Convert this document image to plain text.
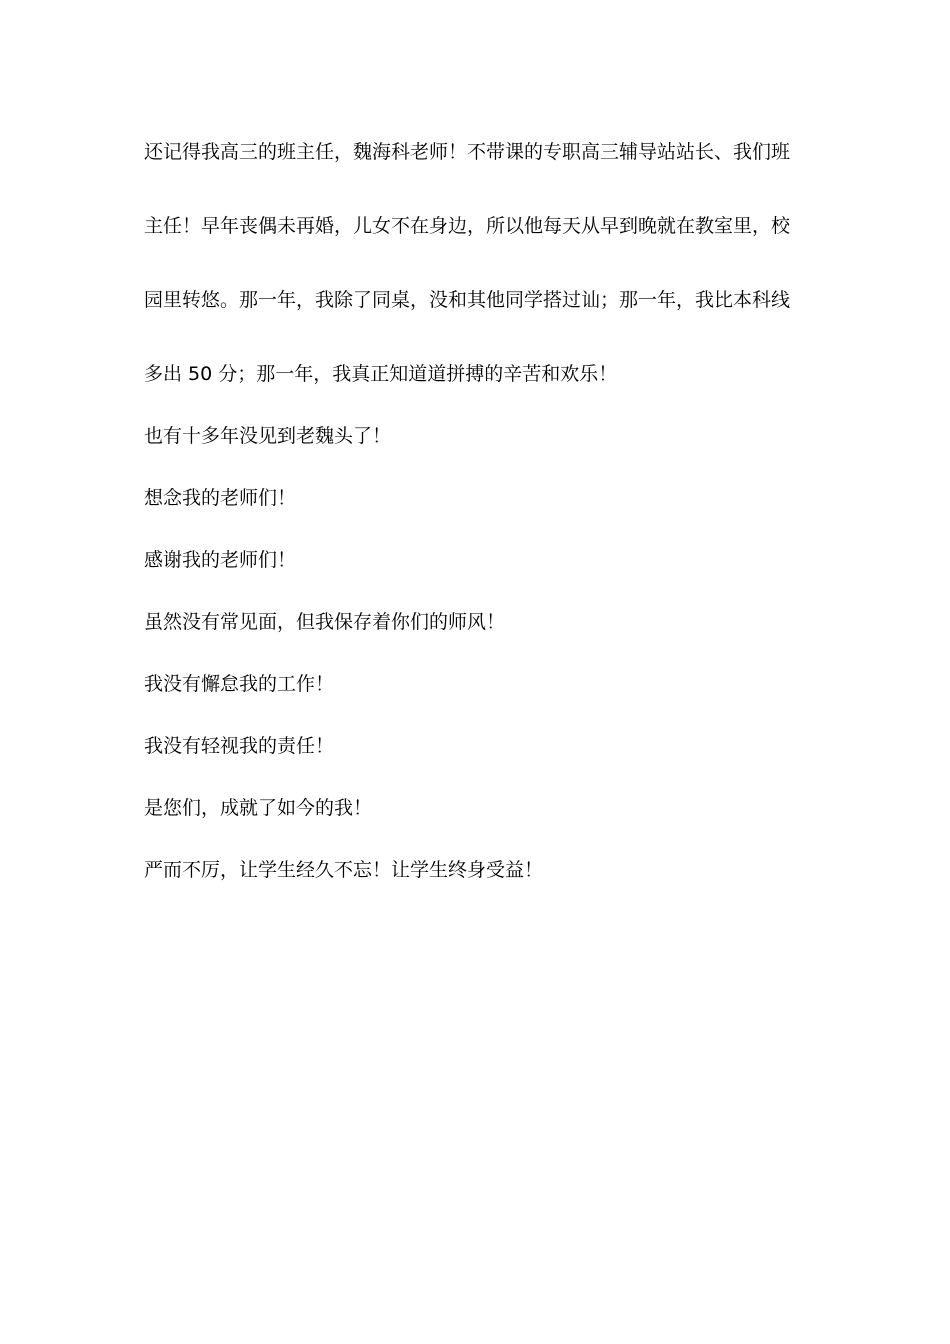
还记得我高三的班主任，魏海科老师！不带课的专职高三辅导站站长、我们班
主任！早年丧偶未再婚，儿女不在身边，所以他每天从早到晚就在教室里，校
园里转悠。那一年，我除了同桌，没和其他同学搭过讪；那一年，我比本科线
多出 50 分；那一年，我真正知道道拼搏的辛苦和欢乐！

也有十多年没见到老魏头了！

想念我的老师们！

感谢我的老师们！

虽然没有常见面，但我保存着你们的师风！

我没有懈怠我的工作！

我没有轻视我的责任！

是您们，成就了如今的我！

严而不厉，让学生经久不忘！让学生终身受益！
